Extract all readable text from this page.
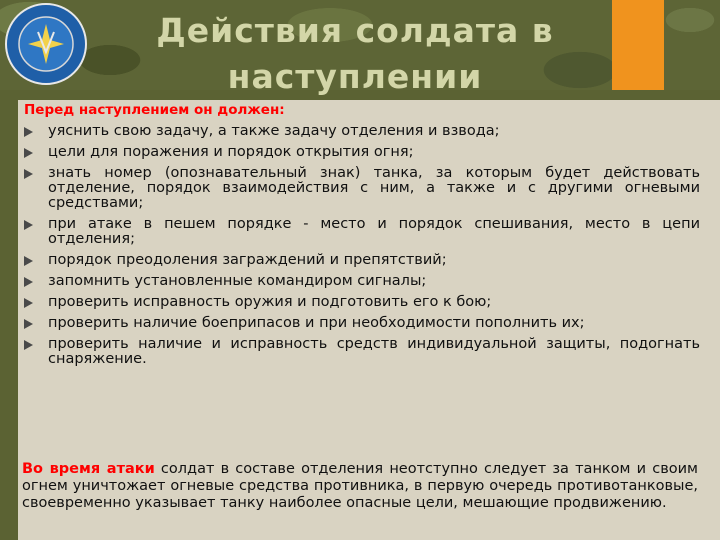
Действия солдата в
наступлении
Перед наступлением он должен:
уяснить свою задачу, а также задачу отделения и взвода;
цели для поражения и порядок открытия огня;
знать номер (опознавательный знак) танка, за которым будет действовать отделение, порядок взаимодействия с ним, а также и с другими огневыми средствами;
при атаке в пешем порядке - место и порядок спешивания, место в цепи отделения;
порядок преодоления заграждений и препятствий;
запомнить установленные командиром сигналы;
проверить исправность оружия и подготовить его к бою;
проверить наличие боеприпасов и при необходимости пополнить их;
проверить наличие и исправность средств индивидуальной защиты, подогнать снаряжение.
Во время атаки солдат в составе отделения неотступно следует за танком и своим огнем уничтожает огневые средства противника, в первую очередь противотанковые, своевременно указывает танку наиболее опасные цели, мешающие продвижению.
